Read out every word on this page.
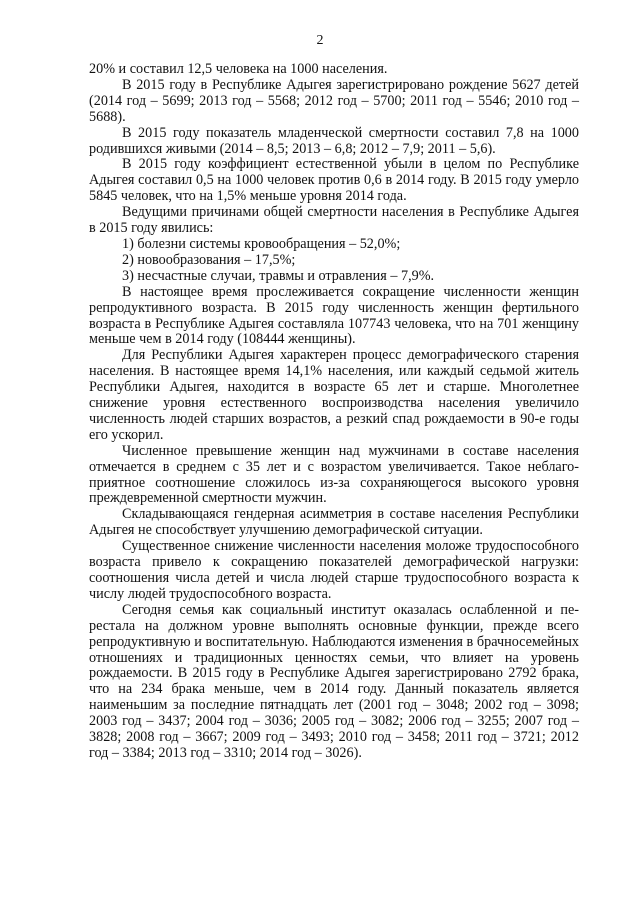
2

20% и составил 12,5 человека на 1000 населения.

В 2015 году в Республике Адыгея зарегистрировано рождение 5627 детей (2014 год – 5699; 2013 год – 5568; 2012 год – 5700; 2011 год – 5546; 2010 год – 5688).

В 2015 году показатель младенческой смертности составил 7,8 на 1000 родившихся живыми (2014 – 8,5; 2013 – 6,8; 2012 – 7,9; 2011 – 5,6).

В 2015 году коэффициент естественной убыли в целом по Республике Адыгея составил 0,5 на 1000 человек против 0,6 в 2014 году. В 2015 году умерло 5845 человек, что на 1,5% меньше уровня 2014 года.

Ведущими причинами общей смертности населения в Республике Адыгея в 2015 году явились:

1) болезни системы кровообращения – 52,0%;

2) новообразования – 17,5%;

3) несчастные случаи, травмы и отравления – 7,9%.

В настоящее время прослеживается сокращение численности женщин репродуктивного возраста. В 2015 году численность женщин фертильного возраста в Республике Адыгея составляла 107743 человека, что на 701 женщину меньше чем в 2014 году (108444 женщины).

Для Республики Адыгея характерен процесс демографического старения населения. В настоящее время 14,1% населения, или каждый седьмой житель Республики Адыгея, находится в возрасте 65 лет и старше. Многолетнее снижение уровня естественного воспроизводства населения увеличило численность людей старших возрастов, а резкий спад рождаемости в 90-е годы его ускорил.

Численное превышение женщин над мужчинами в составе населения отмечается в среднем с 35 лет и с возрастом увеличивается. Такое неблагоприятное соотношение сложилось из-за сохраняющегося высокого уровня преждевременной смертности мужчин.

Складывающаяся гендерная асимметрия в составе населения Республики Адыгея не способствует улучшению демографической ситуации.

Существенное снижение численности населения моложе трудоспособного возраста привело к сокращению показателей демографической нагрузки: соотношения числа детей и числа людей старше трудоспособного возраста к числу людей трудоспособного возраста.

Сегодня семья как социальный институт оказалась ослабленной и перестала на должном уровне выполнять основные функции, прежде всего репродуктивную и воспитательную. Наблюдаются изменения в брачносемейных отношениях и традиционных ценностях семьи, что влияет на уровень рождаемости. В 2015 году в Республике Адыгея зарегистрировано 2792 брака, что на 234 брака меньше, чем в 2014 году. Данный показатель является наименьшим за последние пятнадцать лет (2001 год – 3048; 2002 год – 3098; 2003 год – 3437; 2004 год – 3036; 2005 год – 3082; 2006 год – 3255; 2007 год – 3828; 2008 год – 3667; 2009 год – 3493; 2010 год – 3458; 2011 год – 3721; 2012 год – 3384; 2013 год – 3310; 2014 год – 3026).
